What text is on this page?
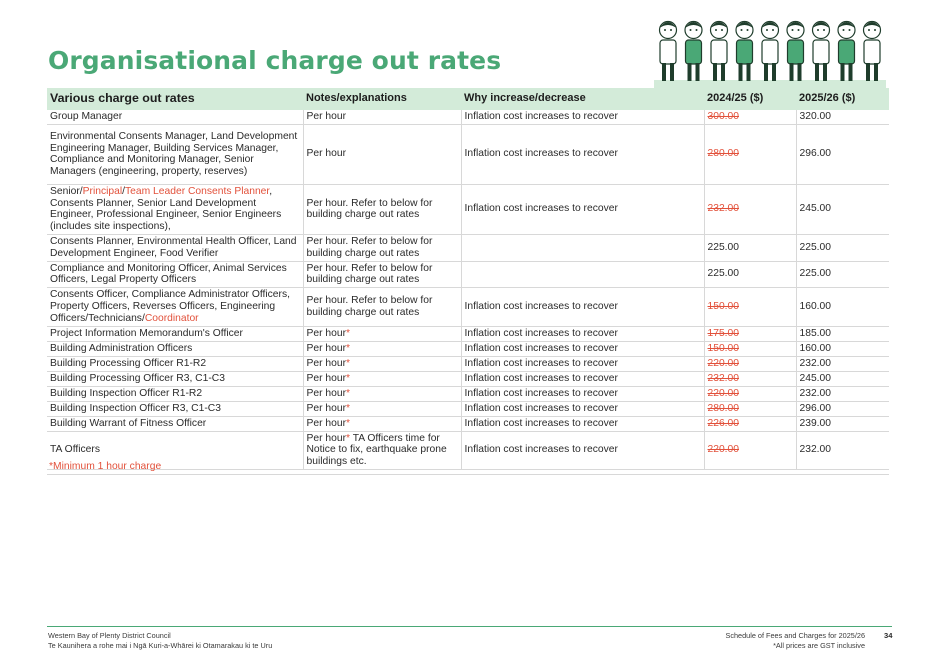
Organisational charge out rates
Various charge out rates	Notes/explanations	Why increase/decrease	2024/25 ($)	2025/26 ($)
Group Manager	Per hour	Inflation cost increases to recover	300.00	320.00
Environmental Consents Manager, Land Development Engineering Manager, Building Services Manager, Compliance and Monitoring Manager, Senior Managers (engineering, property, reserves)	Per hour	Inflation cost increases to recover	280.00	296.00
Senior/Principal/Team Leader Consents Planner, Consents Planner, Senior Land Development Engineer, Professional Engineer, Senior Engineers (includes site inspections),	Per hour. Refer to below for building charge out rates	Inflation cost increases to recover	232.00	245.00
Consents Planner, Environmental Health Officer, Land Development Engineer, Food Verifier	Per hour. Refer to below for building charge out rates		225.00	225.00
Compliance and Monitoring Officer, Animal Services Officers, Legal Property Officers	Per hour. Refer to below for building charge out rates		225.00	225.00
Consents Officer, Compliance Administrator Officers, Property Officers, Reverses Officers, Engineering Officers/Technicians/Coordinator	Per hour. Refer to below for building charge out rates	Inflation cost increases to recover	150.00	160.00
Project Information Memorandum's Officer	Per hour*	Inflation cost increases to recover	175.00	185.00
Building Administration Officers	Per hour*	Inflation cost increases to recover	150.00	160.00
Building Processing Officer R1-R2	Per hour*	Inflation cost increases to recover	220.00	232.00
Building Processing Officer R3, C1-C3	Per hour*	Inflation cost increases to recover	232.00	245.00
Building Inspection Officer R1-R2	Per hour*	Inflation cost increases to recover	220.00	232.00
Building Inspection Officer R3, C1-C3	Per hour*	Inflation cost increases to recover	280.00	296.00
Building Warrant of Fitness Officer	Per hour*	Inflation cost increases to recover	226.00	239.00
TA Officers	Per hour* TA Officers time for Notice to fix, earthquake prone buildings etc.	Inflation cost increases to recover	220.00	232.00
*Minimum 1 hour charge
Western Bay of Plenty District Council
Te Kaunihera a rohe mai i Ngā Kuri-a-Whārei ki Otamarakau ki te Uru
Schedule of Fees and Charges for 2025/26
*All prices are GST inclusive
34
